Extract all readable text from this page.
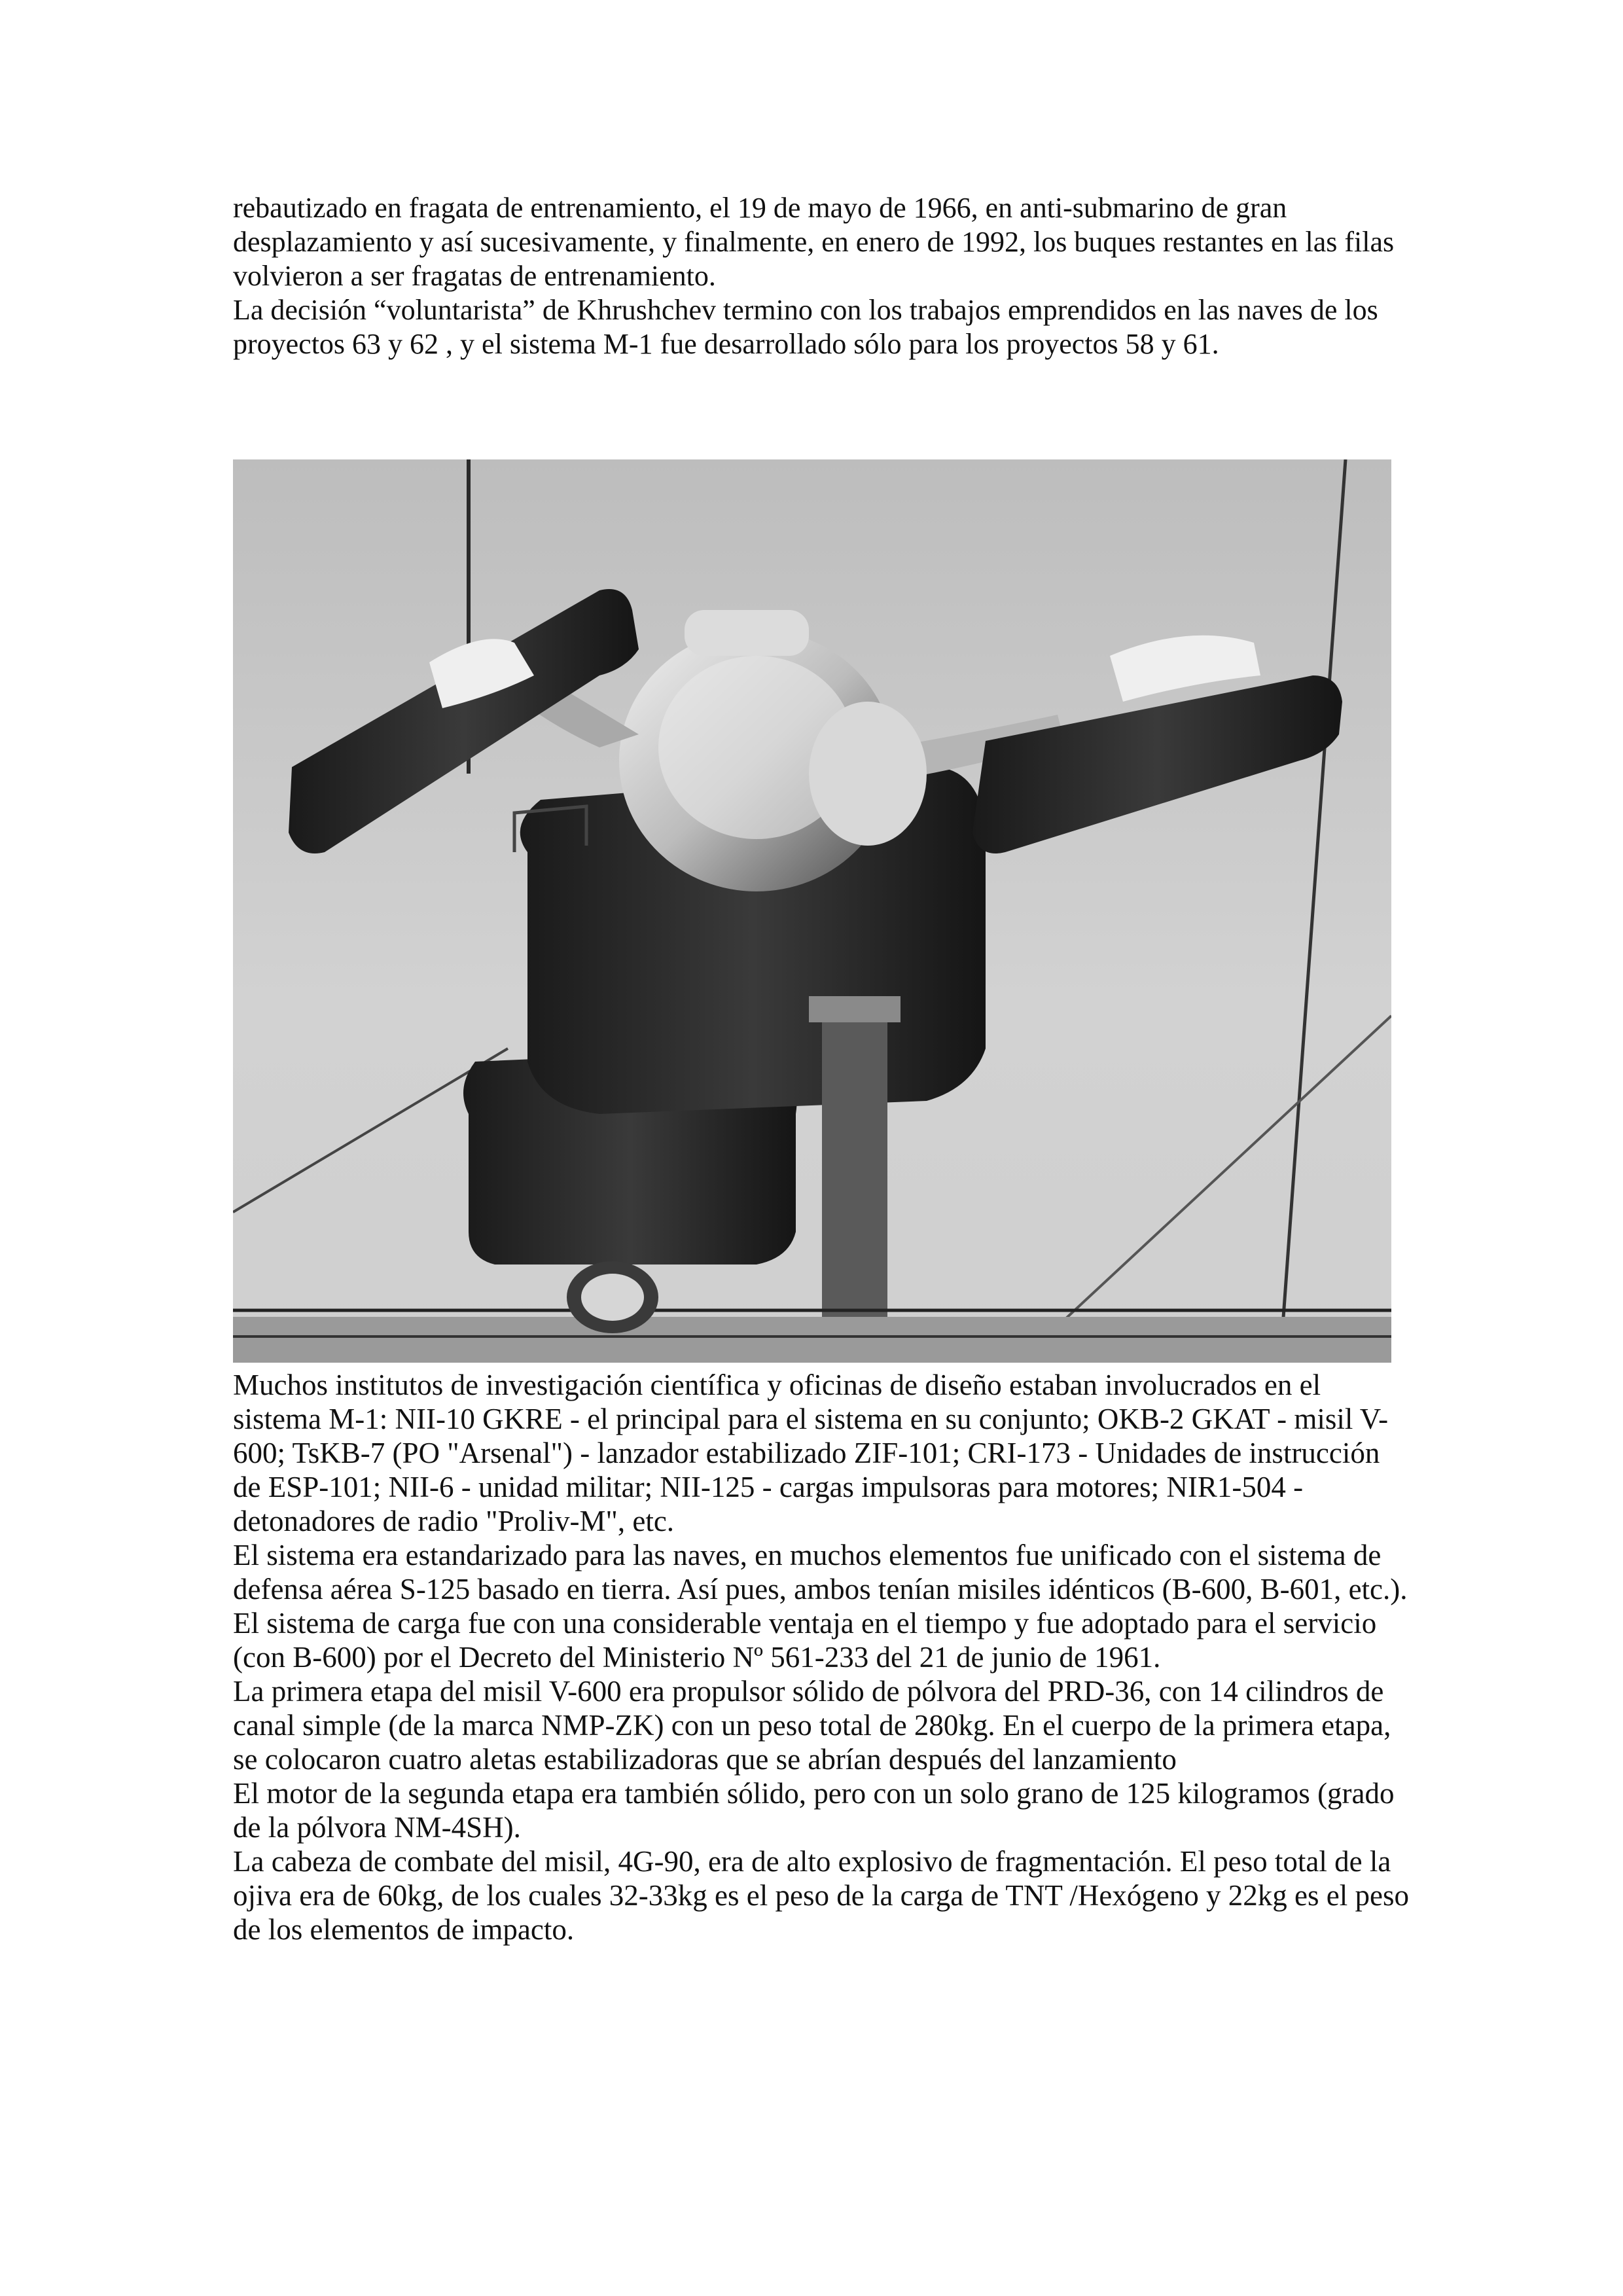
rebautizado en fragata de entrenamiento, el 19 de mayo de 1966, en anti-submarino de gran desplazamiento y así sucesivamente, y finalmente, en enero de 1992, los buques restantes en las filas volvieron a ser fragatas de entrenamiento.

La decisión “voluntarista” de Khrushchev termino con los trabajos emprendidos en las naves de los proyectos 63 y 62 , y el sistema M-1 fue desarrollado sólo para los proyectos 58 y 61.

Muchos institutos de investigación científica y oficinas de diseño estaban involucrados en el sistema M-1: NII-10 GKRE - el principal para el sistema en su conjunto; OKB-2 GKAT - misil V-600; TsKB-7 (PO "Arsenal") - lanzador estabilizado ZIF-101; CRI-173 - Unidades de instrucción de ESP-101; NII-6 - unidad militar; NII-125 - cargas impulsoras para motores; NIR1-504 - detonadores de radio "Proliv-M", etc.

El sistema era estandarizado para las naves, en muchos elementos fue unificado con el sistema de defensa aérea S-125 basado en tierra. Así pues, ambos tenían misiles idénticos (B-600, B-601, etc.). El sistema de carga fue con una considerable ventaja en el tiempo y fue adoptado para el servicio (con B-600) por el Decreto del Ministerio Nº 561-233 del 21 de junio de 1961.

La primera etapa del misil V-600 era propulsor sólido de pólvora del PRD-36, con 14 cilindros de canal simple (de la marca NMP-ZK) con un peso total de 280kg. En el cuerpo de la primera etapa, se colocaron cuatro aletas estabilizadoras que se abrían después del lanzamiento

El motor de la segunda etapa era también sólido, pero con un solo grano de 125 kilogramos (grado de la pólvora NM-4SH).

La cabeza de combate del misil, 4G-90, era de alto explosivo de fragmentación. El peso total de la ojiva era de 60kg, de los cuales 32-33kg es el peso de la carga de TNT /Hexógeno y 22kg es el peso de los elementos de impacto.
